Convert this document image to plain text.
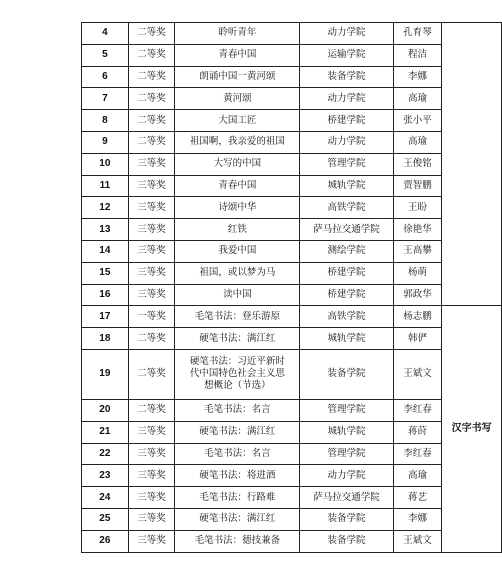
4	二等奖	聆听青年	动力学院	孔育琴	
5	二等奖	青春中国	运输学院	程洁	
6	二等奖	朗诵中国一黄河颂	装备学院	李娜	
7	二等奖	黄河颂	动力学院	高瑜	
8	二等奖	大国工匠	桥建学院	张小平	
9	二等奖	祖国啊，我亲爱的祖国	动力学院	高瑜	
10	三等奖	大写的中国	管理学院	王俊铭	
11	三等奖	青春中国	城轨学院	贾智鹏	
12	三等奖	诗颂中华	高铁学院	王盼	
13	三等奖	红铁	萨马拉交通学院	徐艳华	
14	三等奖	我爱中国	测绘学院	王高攀	
15	三等奖	祖国，或以梦为马	桥建学院	杨萌	
16	三等奖	读中国	桥建学院	郭政华	
17	一等奖	毛笔书法：登乐游原	高铁学院	杨志鹏	汉字书写
18	二等奖	硬笔书法：满江红	城轨学院	韩俨	
19	二等奖	硬笔书法：习近平新时
代中国特色社会主义思
想概论（节选）	装备学院	王斌文	
20	二等奖	毛笔书法：名言	管理学院	李红春	
21	三等奖	硬笔书法：满江红	城轨学院	蒋莳	
22	三等奖	毛笔书法：名言	管理学院	李红春	
23	三等奖	硬笔书法：将进酒	动力学院	高瑜	
24	三等奖	毛笔书法：行路难	萨马拉交通学院	蒋艺	
25	三等奖	硬笔书法：满江红	装备学院	李娜	
26	三等奖	毛笔书法：德技兼备	装备学院	王斌文	
